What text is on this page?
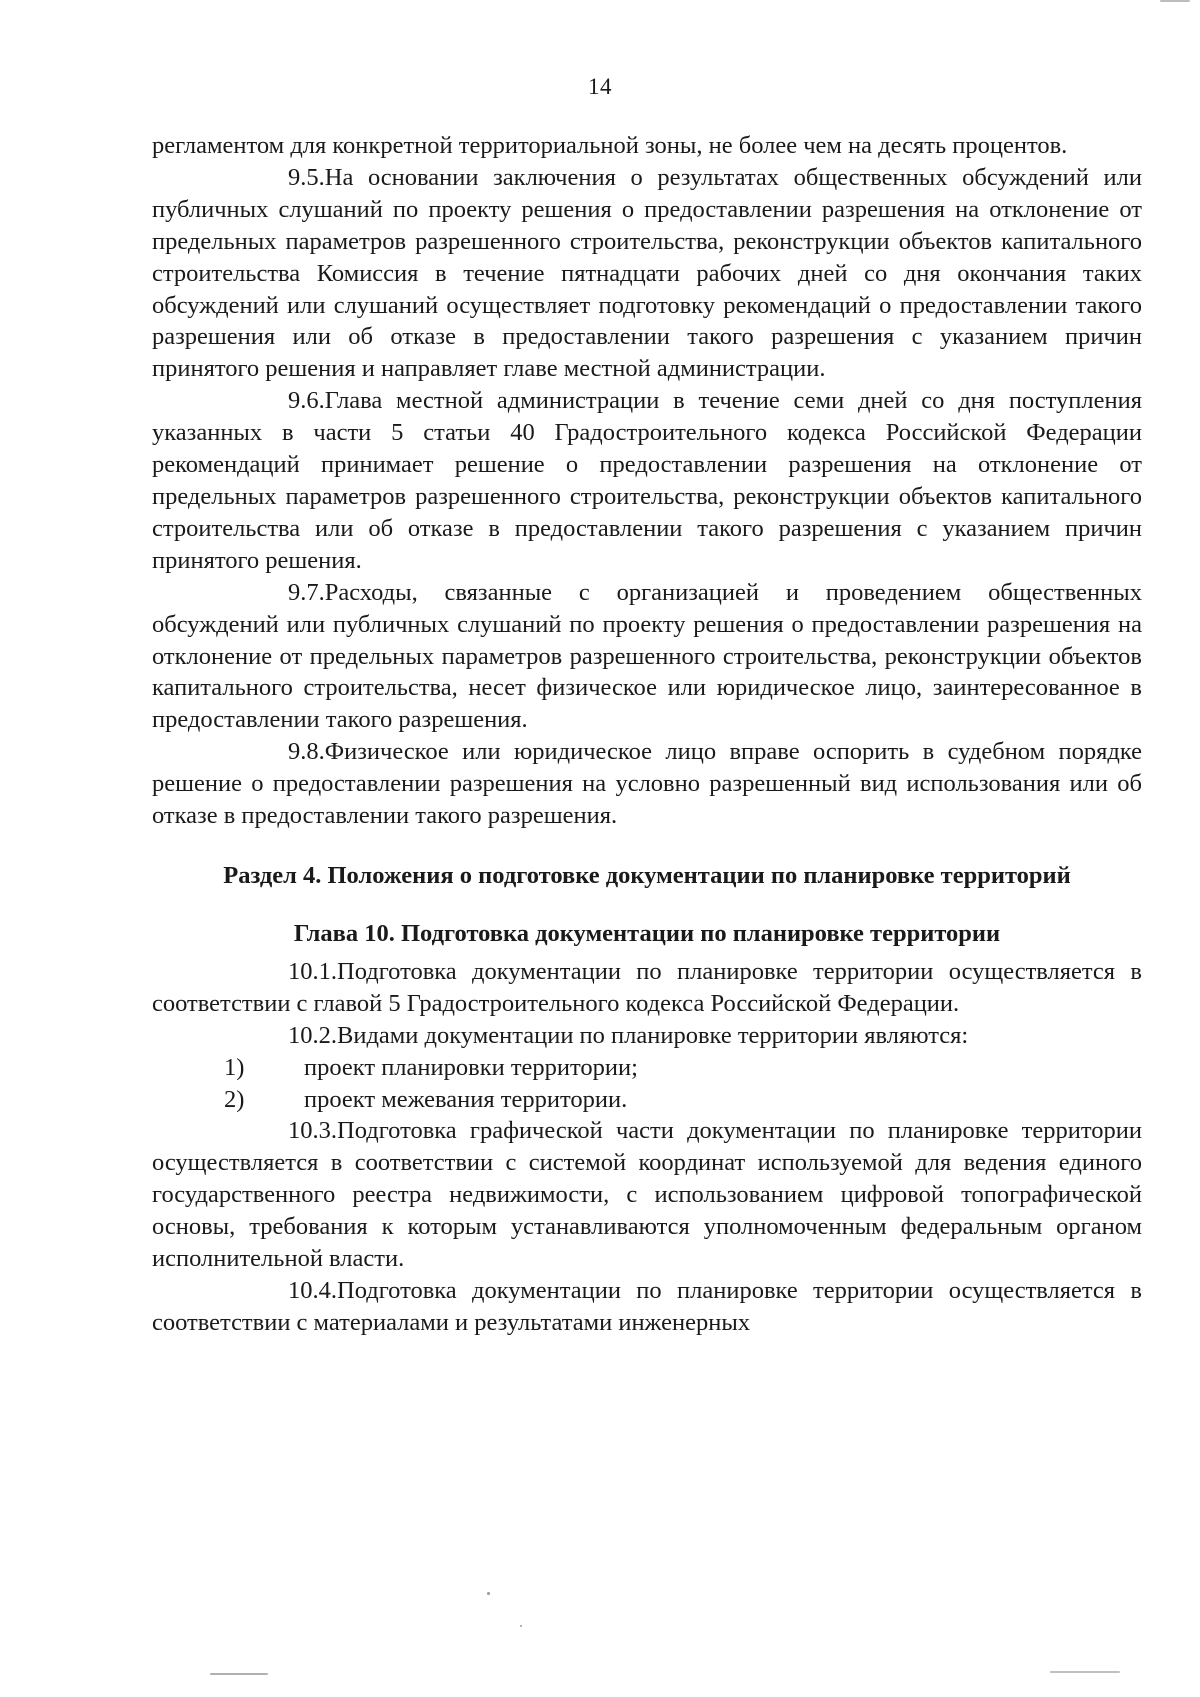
14

регламентом для конкретной территориальной зоны, не более чем на десять процентов.

9.5.На основании заключения о результатах общественных обсуждений или публичных слушаний по проекту решения о предоставлении разрешения на отклонение от предельных параметров разрешенного строительства, реконструкции объектов капитального строительства Комиссия в течение пятнадцати рабочих дней со дня окончания таких обсуждений или слушаний осуществляет подготовку рекомендаций о предоставлении такого разрешения или об отказе в предоставлении такого разрешения с указанием причин принятого решения и направляет главе местной администрации.

9.6.Глава местной администрации в течение семи дней со дня поступления указанных в части 5 статьи 40 Градостроительного кодекса Российской Федерации рекомендаций принимает решение о предоставлении разрешения на отклонение от предельных параметров разрешенного строительства, реконструкции объектов капитального строительства или об отказе в предоставлении такого разрешения с указанием причин принятого решения.

9.7.Расходы, связанные с организацией и проведением общественных обсуждений или публичных слушаний по проекту решения о предоставлении разрешения на отклонение от предельных параметров разрешенного строительства, реконструкции объектов капитального строительства, несет физическое или юридическое лицо, заинтересованное в предоставлении такого разрешения.

9.8.Физическое или юридическое лицо вправе оспорить в судебном порядке решение о предоставлении разрешения на условно разрешенный вид использования или об отказе в предоставлении такого разрешения.

Раздел 4. Положения о подготовке документации по планировке территорий
Глава 10. Подготовка документации по планировке территории

10.1.Подготовка документации по планировке территории осуществляется в соответствии с главой 5 Градостроительного кодекса Российской Федерации.

10.2.Видами документации по планировке территории являются:

1) проект планировки территории;

2) проект межевания территории.

10.3.Подготовка графической части документации по планировке территории осуществляется в соответствии с системой координат используемой для ведения единого государственного реестра недвижимости, с использованием цифровой топографической основы, требования к которым устанавливаются уполномоченным федеральным органом исполнительной власти.

10.4.Подготовка документации по планировке территории осуществляется в соответствии с материалами и результатами инженерных
